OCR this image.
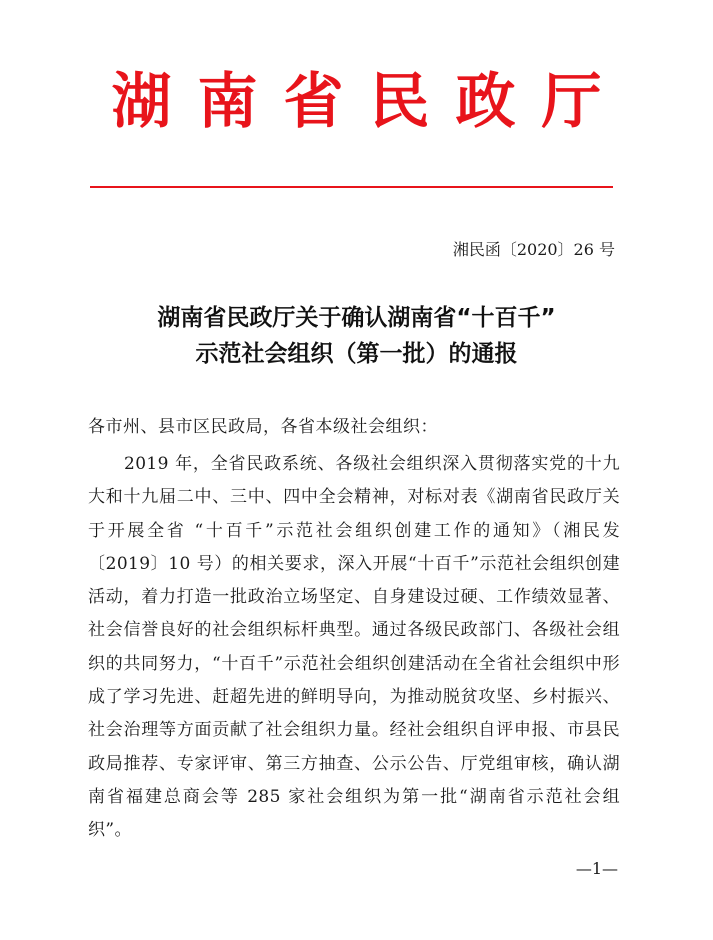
湖南省民政厅
湘民函〔2020〕26 号
湖南省民政厅关于确认湖南省“十百千”
示范社会组织（第一批）的通报
各市州、县市区民政局，各省本级社会组织：
2019 年，全省民政系统、各级社会组织深入贯彻落实党的十九大和十九届二中、三中、四中全会精神，对标对表《湖南省民政厅关于开展全省 “十百千”示范社会组织创建工作的通知》（湘民发〔2019〕10 号）的相关要求，深入开展“十百千”示范社会组织创建活动，着力打造一批政治立场坚定、自身建设过硬、工作绩效显著、社会信誉良好的社会组织标杆典型。通过各级民政部门、各级社会组织的共同努力，“十百千”示范社会组织创建活动在全省社会组织中形成了学习先进、赶超先进的鲜明导向，为推动脱贫攻坚、乡村振兴、社会治理等方面贡献了社会组织力量。经社会组织自评申报、市县民政局推荐、专家评审、第三方抽查、公示公告、厅党组审核，确认湖南省福建总商会等 285 家社会组织为第一批“湖南省示范社会组织”。
—1—
